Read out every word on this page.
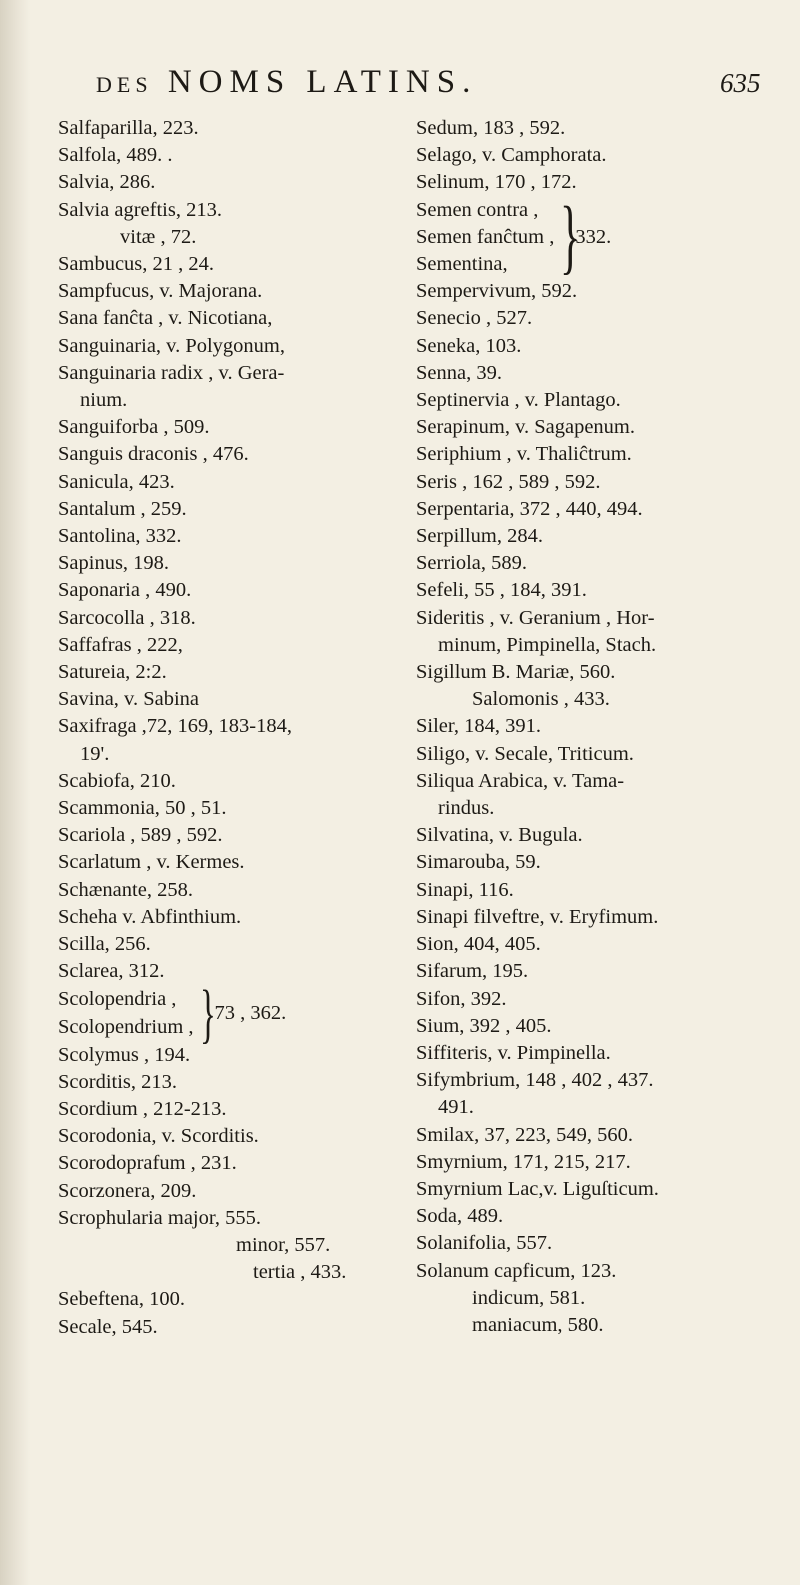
DES NOMS LATINS.	635
Salfaparilla, 223.
Salfola, 489. .
Salvia, 286.
Salvia agreftis, 213.
vitæ , 72.
Sambucus, 21 , 24.
Sampfucus, v. Majorana.
Sana fanĉta , v. Nicotiana,
Sanguinaria, v. Polygonum,
Sanguinaria radix , v. Gera-
nium.
Sanguiforba , 509.
Sanguis draconis , 476.
Sanicula, 423.
Santalum , 259.
Santolina, 332.
Sapinus, 198.
Saponaria , 490.
Sarcocolla , 318.
Saffafras , 222,
Satureia, 2:2.
Savina, v. Sabina
Saxifraga ,72, 169, 183-184,
19'.
Scabiofa, 210.
Scammonia, 50 , 51.
Scariola , 589 , 592.
Scarlatum , v. Kermes.
Schænante, 258.
Scheha v. Abfinthium.
Scilla, 256.
Sclarea, 312.
Scolopendria ,
Scolopendrium , } 73 , 362.
Scolymus , 194.
Scorditis, 213.
Scordium , 212-213.
Scorodonia, v. Scorditis.
Scorodoprafum , 231.
Scorzonera, 209.
Scrophularia major, 555.
minor, 557.
tertia , 433.
Sebeftena, 100.
Secale, 545.
Sedum, 183 , 592.
Selago, v. Camphorata.
Selinum, 170 , 172.
Semen contra ,
Semen fanĉtum ,
Sementina, }
332.
Sempervivum, 592.
Senecio , 527.
Seneka, 103.
Senna, 39.
Septinervia , v. Plantago.
Serapinum, v. Sagapenum.
Seriphium , v. Thaliĉtrum.
Seris , 162 , 589 , 592.
Serpentaria, 372 , 440, 494.
Serpillum, 284.
Serriola, 589.
Sefeli, 55 , 184, 391.
Sideritis , v. Geranium , Hor-
minum, Pimpinella, Stach.
Sigillum B. Mariæ, 560.
Salomonis , 433.
Siler, 184, 391.
Siligo, v. Secale, Triticum.
Siliqua Arabica, v. Tama-
rindus.
Silvatina, v. Bugula.
Simarouba, 59.
Sinapi, 116.
Sinapi filveftre, v. Eryfimum.
Sion, 404, 405.
Sifarum, 195.
Sifon, 392.
Sium, 392 , 405.
Siffiteris, v. Pimpinella.
Sifymbrium, 148 , 402 , 437.
491.
Smilax, 37, 223, 549, 560.
Smyrnium, 171, 215, 217.
Smyrnium Lac,v. Liguſticum.
Soda, 489.
Solanifolia, 557.
Solanum capficum, 123.
indicum, 581.
maniacum, 580.
